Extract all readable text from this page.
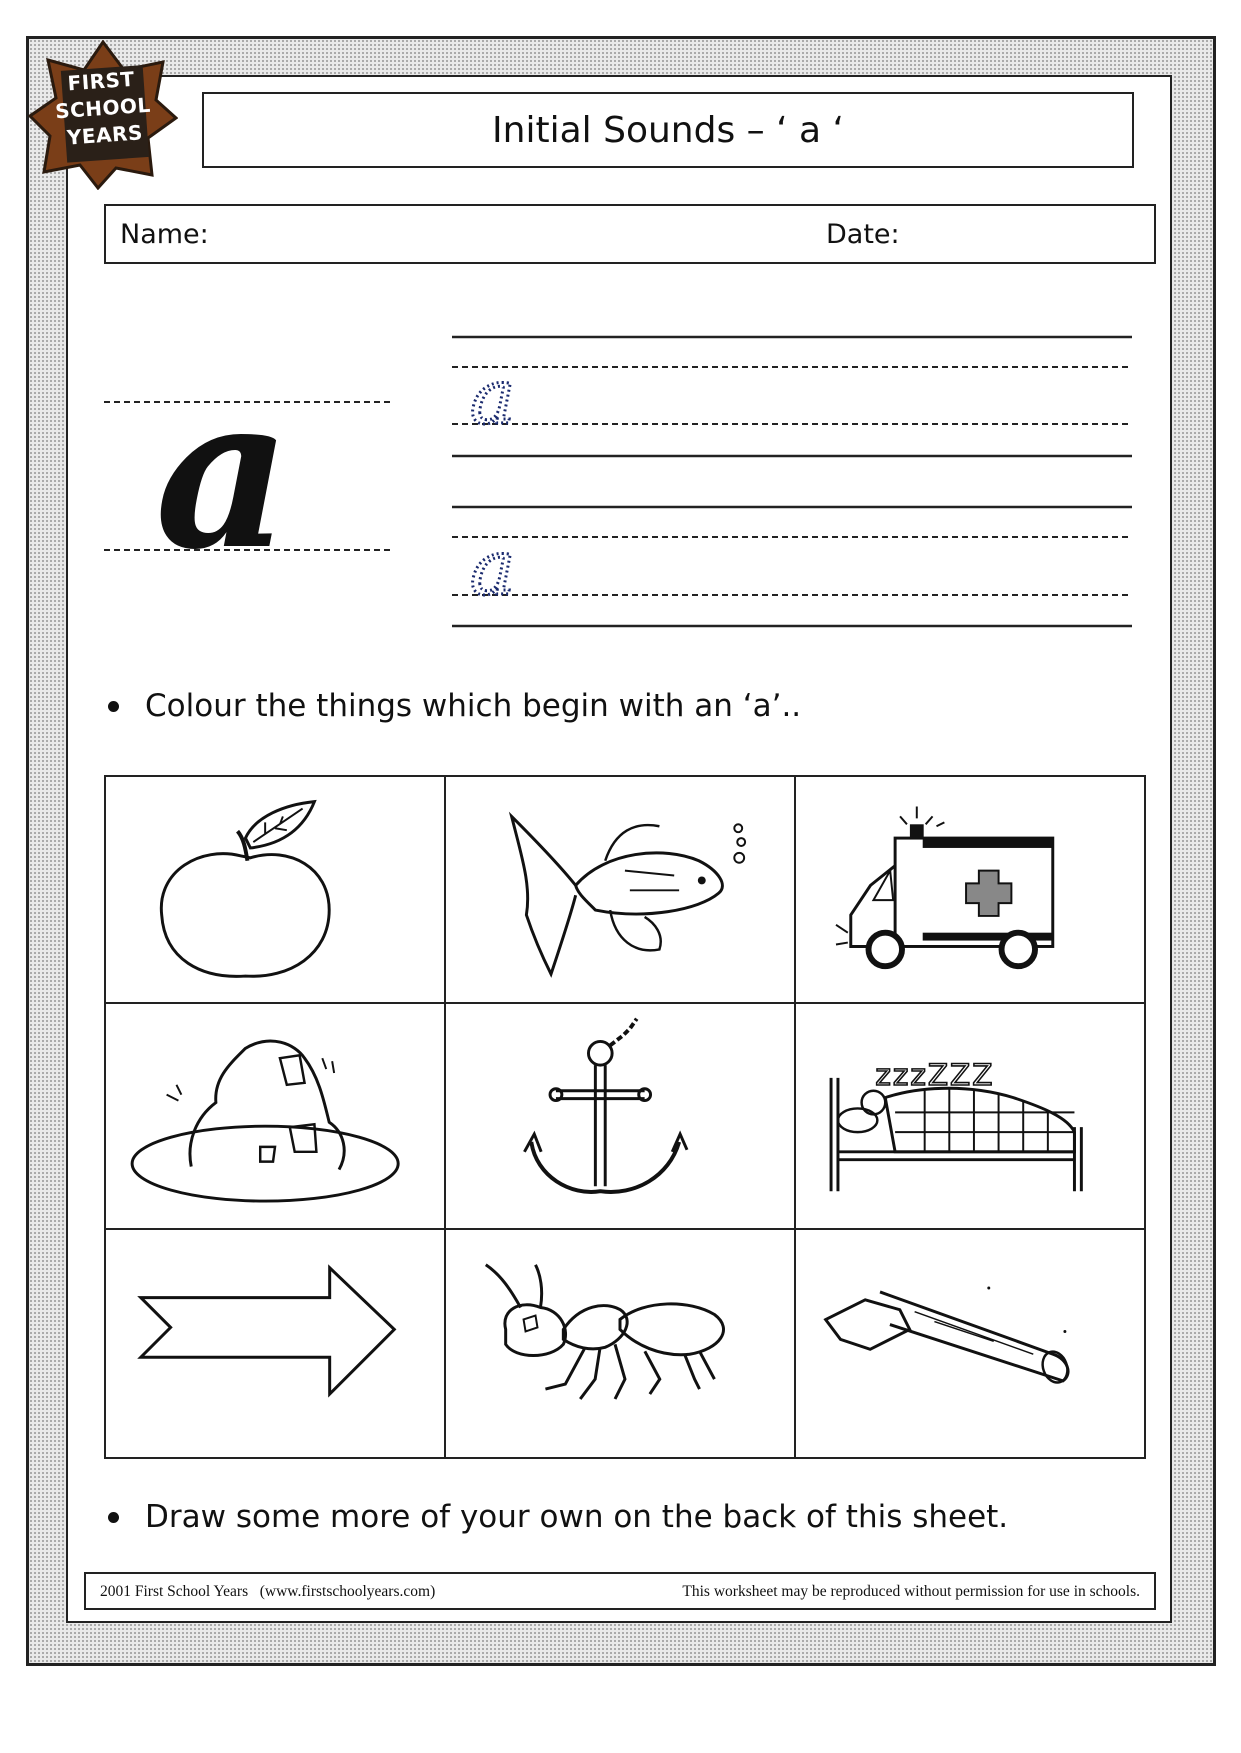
FIRST
SCHOOL
YEARS	Initial Sounds – ‘ a ‘
Name:	Date:
a a
a
Colour the things which begin with an ‘a’..
zzzZZZ
Draw some more of your own on the back of this sheet.
2001 First School Years   (www.firstschoolyears.com)	This worksheet may be reproduced without permission for use in schools.
